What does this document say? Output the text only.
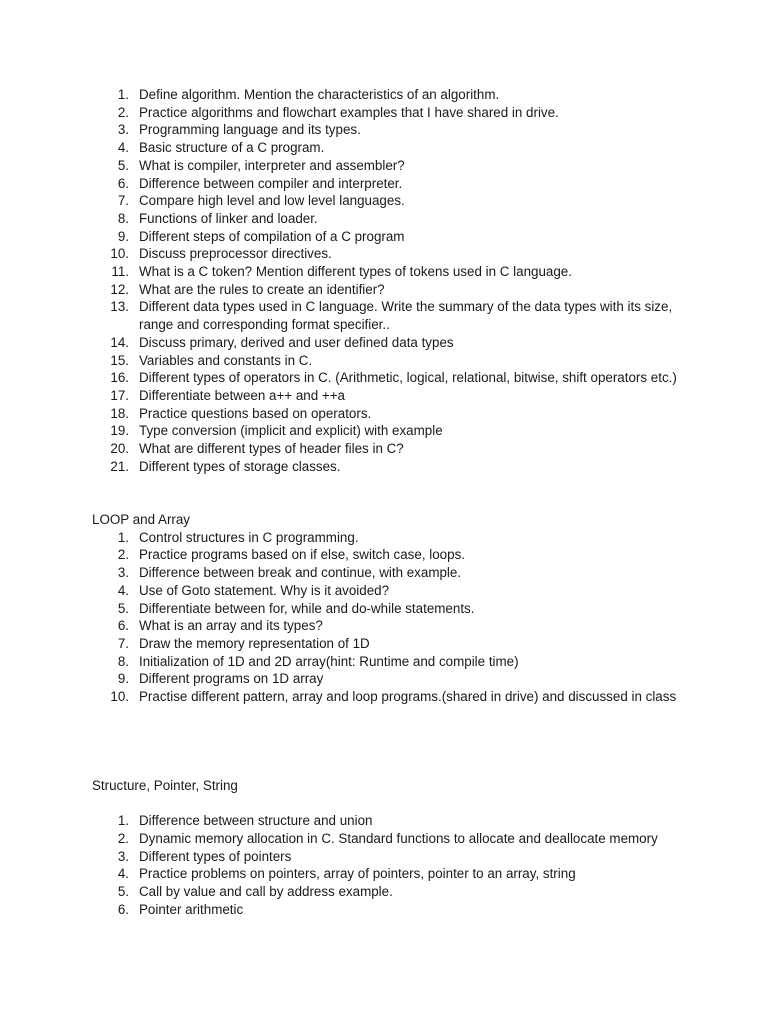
1. Define algorithm. Mention the characteristics of an algorithm.
2. Practice algorithms and flowchart examples that I have shared in drive.
3. Programming language and its types.
4. Basic structure of a C program.
5. What is compiler, interpreter and assembler?
6. Difference between compiler and interpreter.
7. Compare high level and low level languages.
8. Functions of linker and loader.
9. Different steps of compilation of a C program
10. Discuss preprocessor directives.
11. What is a C token? Mention different types of tokens used in C language.
12. What are the rules to create an identifier?
13. Different data types used in C language. Write the summary of the data types with its size, range and corresponding format specifier..
14. Discuss primary, derived and user defined data types
15. Variables and constants in C.
16. Different types of operators in C. (Arithmetic, logical, relational, bitwise, shift operators etc.)
17. Differentiate between a++ and ++a
18. Practice questions based on operators.
19. Type conversion (implicit and explicit) with example
20. What are different types of header files in C?
21. Different types of storage classes.
LOOP and Array
1. Control structures in C programming.
2. Practice programs based on if else, switch case, loops.
3. Difference between break and continue, with example.
4. Use of Goto statement. Why is it avoided?
5. Differentiate between for, while and do-while statements.
6. What is an array and its types?
7. Draw the memory representation of 1D
8. Initialization of 1D and 2D array(hint: Runtime and compile time)
9. Different programs on 1D array
10. Practise different pattern, array and loop programs.(shared in drive) and discussed in class
Structure, Pointer, String
1. Difference between structure and union
2. Dynamic memory allocation in C. Standard functions to allocate and deallocate memory
3. Different types of pointers
4. Practice problems on pointers, array of pointers, pointer to an array, string
5. Call by value and call by address example.
6. Pointer arithmetic
